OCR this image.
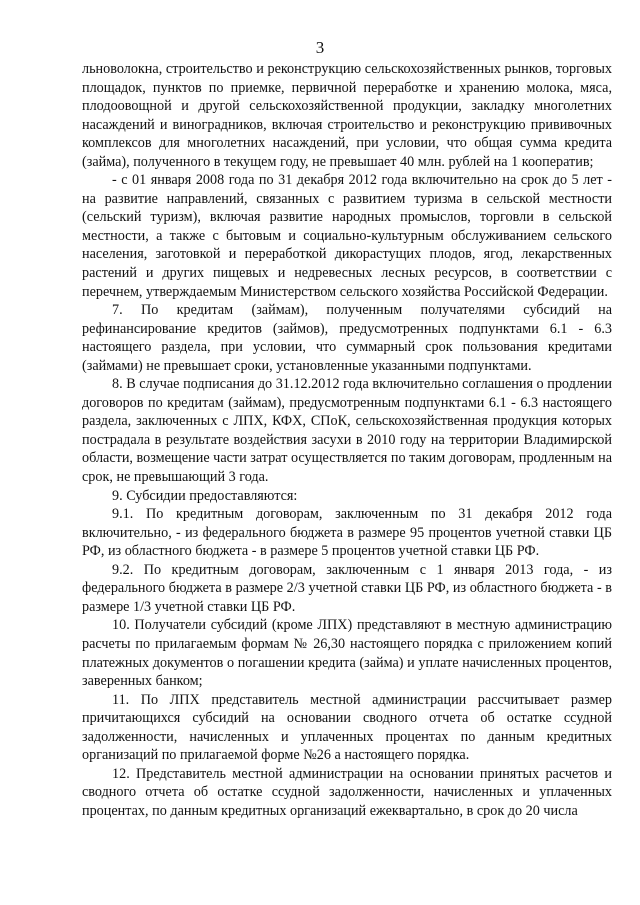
3

льноволокна, строительство и реконструкцию сельскохозяйственных рынков, торговых площадок, пунктов по приемке, первичной переработке и хранению молока, мяса, плодоовощной и другой сельскохозяйственной продукции, закладку многолетних насаждений и виноградников, включая строительство и реконструкцию прививочных комплексов для многолетних насаждений, при условии, что общая сумма кредита (займа), полученного в текущем году, не превышает 40 млн. рублей на 1 кооператив;

- с 01 января 2008 года по 31 декабря 2012 года включительно на срок до 5 лет - на развитие направлений, связанных с развитием туризма в сельской местности (сельский туризм), включая развитие народных промыслов, торговли в сельской местности, а также с бытовым и социально-культурным обслуживанием сельского населения, заготовкой и переработкой дикорастущих плодов, ягод, лекарственных растений и других пищевых и недревесных лесных ресурсов, в соответствии с перечнем, утверждаемым Министерством сельского хозяйства Российской Федерации.

7. По кредитам (займам), полученным получателями субсидий на рефинансирование кредитов (займов), предусмотренных подпунктами 6.1 - 6.3 настоящего раздела, при условии, что суммарный срок пользования кредитами (займами) не превышает сроки, установленные указанными подпунктами.

8. В случае подписания до 31.12.2012 года включительно соглашения о продлении договоров по кредитам (займам), предусмотренным подпунктами 6.1 - 6.3 настоящего раздела, заключенных с ЛПХ, КФХ, СПоК, сельскохозяйственная продукция которых пострадала в результате воздействия засухи в 2010 году на территории Владимирской области, возмещение части затрат осуществляется по таким договорам, продленным на срок, не превышающий 3 года.

9. Субсидии предоставляются:

9.1. По кредитным договорам, заключенным по 31 декабря 2012 года включительно, - из федерального бюджета в размере 95 процентов учетной ставки ЦБ РФ, из областного бюджета - в размере 5 процентов учетной ставки ЦБ РФ.

9.2. По кредитным договорам, заключенным с 1 января 2013 года, - из федерального бюджета в размере 2/3 учетной ставки ЦБ РФ, из областного бюджета - в размере 1/3 учетной ставки ЦБ РФ.

10. Получатели субсидий (кроме ЛПХ) представляют в местную администрацию расчеты по прилагаемым формам № 26,30 настоящего порядка с приложением копий платежных документов о погашении кредита (займа) и уплате начисленных процентов, заверенных банком;

11. По ЛПХ представитель местной администрации рассчитывает размер причитающихся субсидий на основании сводного отчета об остатке ссудной задолженности, начисленных и уплаченных процентах по данным кредитных организаций по прилагаемой форме №26 а настоящего порядка.

12. Представитель местной администрации на основании принятых расчетов и сводного отчета об остатке ссудной задолженности, начисленных и уплаченных процентах, по данным кредитных организаций ежеквартально, в срок до 20 числа
